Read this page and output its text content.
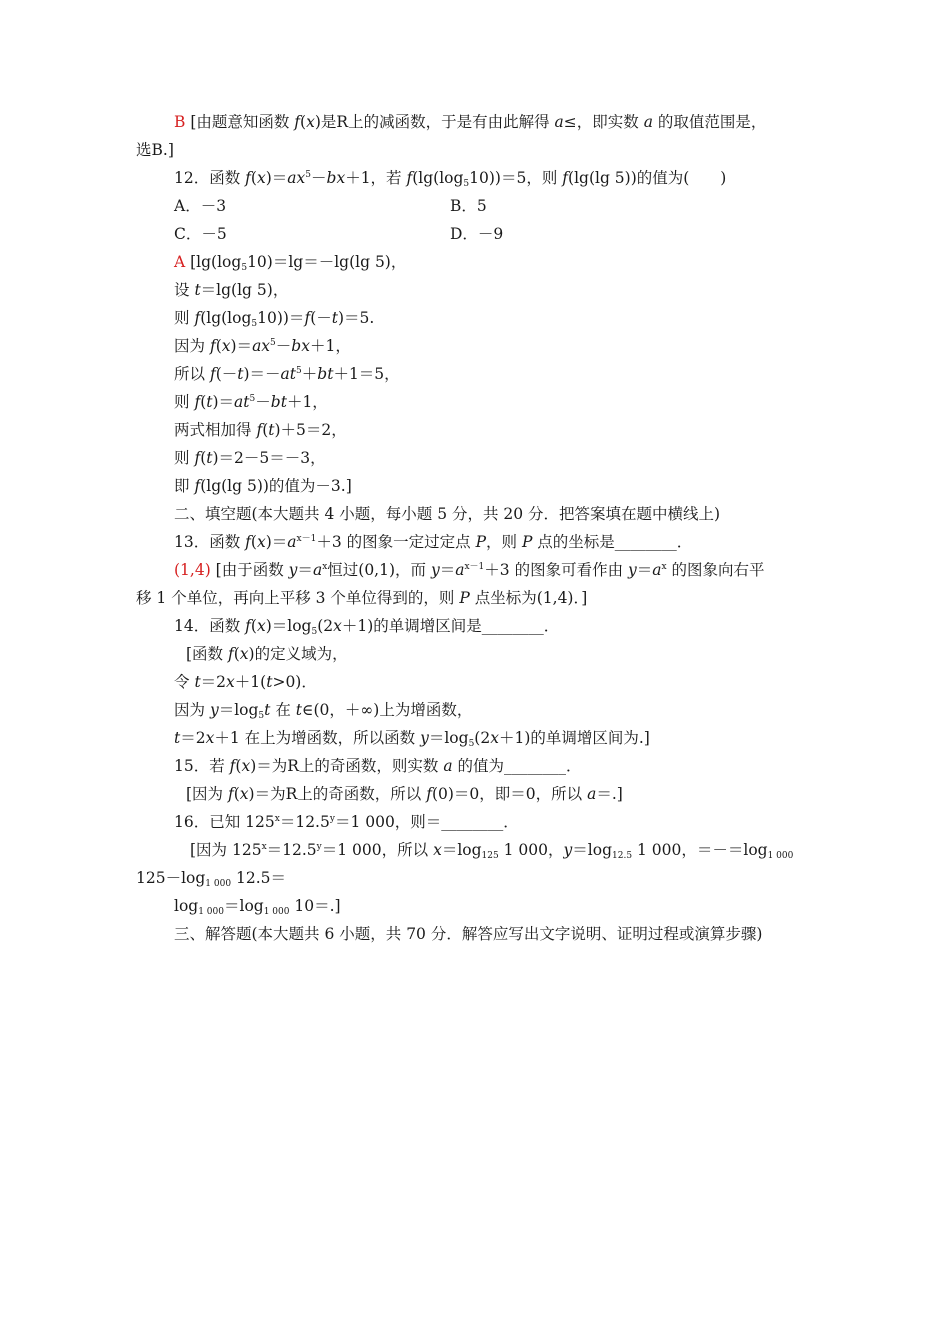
B [由题意知函数 f(x)是R上的减函数，于是有由此解得 a≤，即实数 a 的取值范围是，
选B.]
12．函数 $f(x)=ax^5-bx+1$，若 $f(\lg(\log_510))=5$，则 f(lg(lg 5))的值为(　　)
A．－3	B．5
C．－5	D．－9
A [$\lg(\log_510)=\lg=-\lg(\lg$ 5)，
设 t＝lg(lg 5)，
则 $f(\lg(\log_510))=f(-t)=5$.
因为 $f(x)=ax^5-bx+1$，
所以 $f(-t)=-at^5+bt+1=5$，
则 $f(t)=at^5-bt+1$，
两式相加得 f(t)＋5＝2，
则 f(t)＝2－5＝－3，
即 f(lg(lg 5))的值为－3.]
二、填空题(本大题共 4 小题，每小题 5 分，共 20 分．把答案填在题中横线上)
13．函数 $f(x)=a^{x-1}+3$ 的图象一定过定点 P，则 P 点的坐标是________．
(1,4) [由于函数 $y=a^x$恒过(0,1)，而 $y=a^{x-1}+3$ 的图象可看作由 $y=a^x$ 的图象向右平
移 1 个单位，再向上平移 3 个单位得到的，则 P 点坐标为(1,4)．]
14．函数 $f(x)=\log_5(2x+1)$的单调增区间是________．
[函数 f(x)的定义域为，
令 t＝2x＋1(t>0)．
因为 $y=\log_5t$ 在 t∈(0，＋∞)上为增函数，
t＝2x＋1 在上为增函数，所以函数 $y=\log_5(2x+1)$的单调增区间为.]
15．若 f(x)＝为R上的奇函数，则实数 a 的值为________．
[因为 f(x)＝为R上的奇函数，所以 f(0)＝0，即＝0，所以 a＝.]
16．已知 $125^x=12.5^y=1$ 000，则＝________．
[因为 $125^x=12.5^y=1$ 000，所以 $x=\log_{125}$ 1 000，$y=\log_{12.5}$ 1 000，$=-=\log_{1 000}$
$125-\log_{1 000}$ 12.5＝
$\log_{1 000}=\log_{1 000}$ 10＝.]
三、解答题(本大题共 6 小题，共 70 分．解答应写出文字说明、证明过程或演算步骤)
